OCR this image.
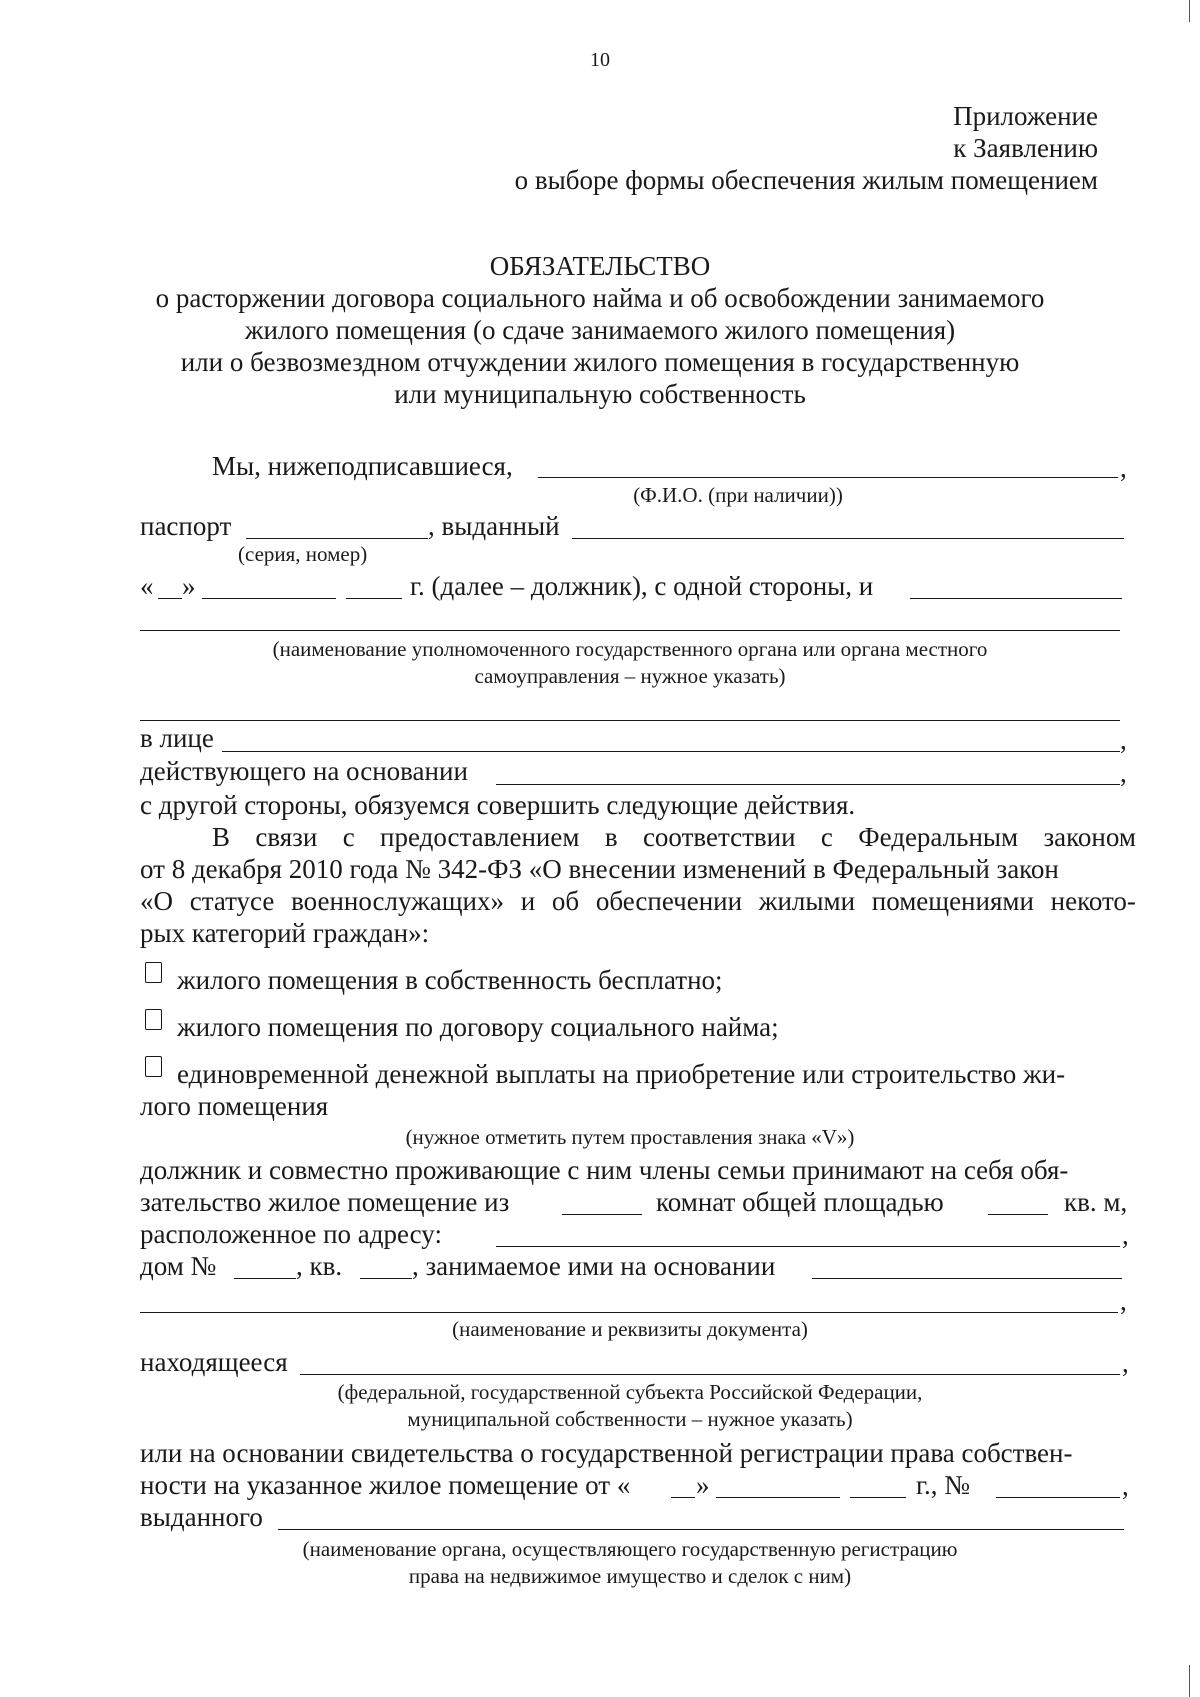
10
Приложение
к Заявлению
о выборе формы обеспечения жилым помещением
ОБЯЗАТЕЛЬСТВО
о расторжении договора социального найма и об освобождении занимаемого
жилого помещения (о сдаче занимаемого жилого помещения)
или о безвозмездном отчуждении жилого помещения в государственную
или муниципальную собственность
Мы, нижеподписавшиеся,	,
(Ф.И.О. (при наличии))
паспорт	, выданный
(серия, номер)
« »	г. (далее – должник), с одной стороны, и
(наименование уполномоченного государственного органа или органа местного
самоуправления – нужное указать)
в лице	,
действующего на основании	,
с другой стороны, обязуемся совершить следующие действия.
В связи с предоставлением в соответствии с Федеральным законом
от 8 декабря 2010 года № 342-ФЗ «О внесении изменений в Федеральный закон
«О статусе военнослужащих» и об обеспечении жилыми помещениями некото-
рых категорий граждан»:
жилого помещения в собственность бесплатно;
жилого помещения по договору социального найма;
единовременной денежной выплаты на приобретение или строительство жи-
лого помещения
(нужное отметить путем проставления знака «V»)
должник и совместно проживающие с ним члены семьи принимают на себя обя-
зательство жилое помещение из	комнат общей площадью	кв. м,
расположенное по адресу:	,
дом №	, кв.	, занимаемое ими на основании
,
(наименование и реквизиты документа)
находящееся	,
(федеральной, государственной субъекта Российской Федерации,
муниципальной собственности – нужное указать)
или на основании свидетельства о государственной регистрации права собствен-
ности на указанное жилое помещение от « »	г., №	,
выданного
(наименование органа, осуществляющего государственную регистрацию
права на недвижимое имущество и сделок с ним)
